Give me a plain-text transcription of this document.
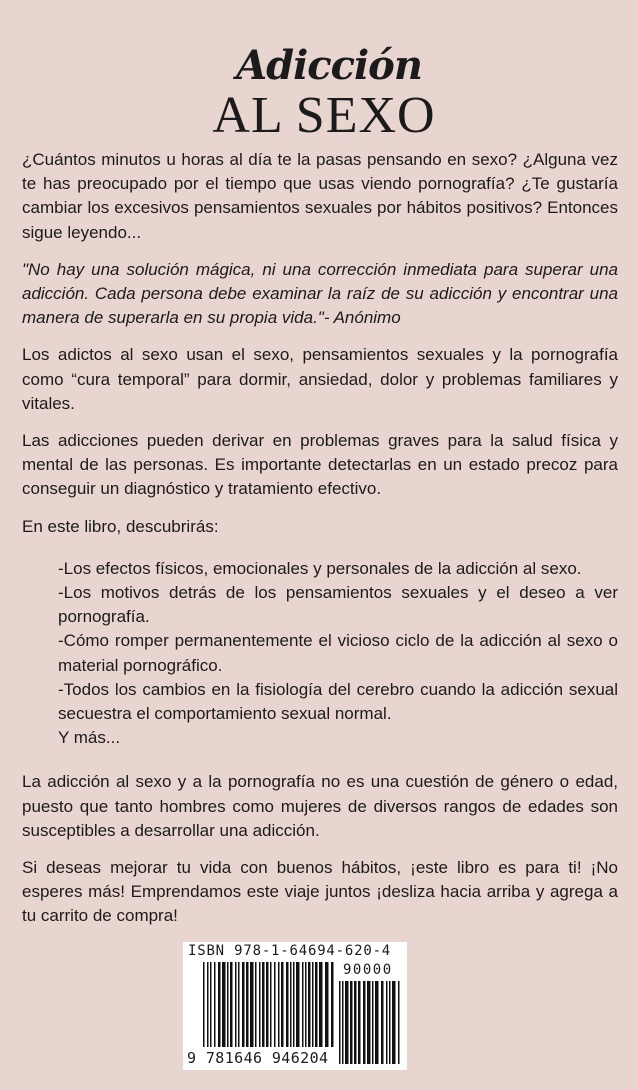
Adicción
AL SEXO
¿Cuántos minutos u horas al día te la pasas pensando en sexo? ¿Alguna vez te has preocupado por el tiempo que usas viendo pornografía? ¿Te gustaría cambiar los excesivos pensamientos sexuales por hábitos positivos? Entonces sigue leyendo...
"No hay una solución mágica, ni una corrección inmediata para superar una adicción. Cada persona debe examinar la raíz de su adicción y encontrar una manera de superarla en su propia vida."- Anónimo
Los adictos al sexo usan el sexo, pensamientos sexuales y la pornografía como “cura temporal” para dormir, ansiedad, dolor y problemas familiares y vitales.
Las adicciones pueden derivar en problemas graves para la salud física y mental de las personas. Es importante detectarlas en un estado precoz para conseguir un diagnóstico y tratamiento efectivo.
En este libro, descubrirás:
-Los efectos físicos, emocionales y personales de la adicción al sexo.
-Los motivos detrás de los pensamientos sexuales y el deseo a ver pornografía.
-Cómo romper permanentemente el vicioso ciclo de la adicción al sexo o material pornográfico.
-Todos los cambios en la fisiología del cerebro cuando la adicción sexual secuestra el comportamiento sexual normal.
Y más...
La adicción al sexo y a la pornografía no es una cuestión de género o edad, puesto que tanto hombres como mujeres de diversos rangos de edades son susceptibles a desarrollar una adicción.
Si deseas mejorar tu vida con buenos hábitos, ¡este libro es para ti! ¡No esperes más! Emprendamos este viaje juntos ¡desliza hacia arriba y agrega a tu carrito de compra!
ISBN 978-1-64694-620-4
90000
9 781646 946204
